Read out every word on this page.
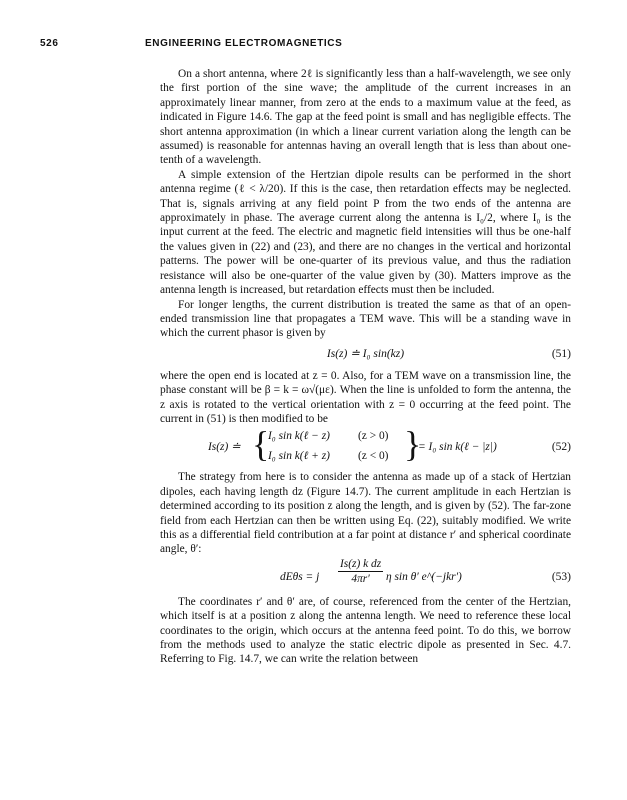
526	ENGINEERING ELECTROMAGNETICS

On a short antenna, where 2ℓ is significantly less than a half-wavelength, we see only the first portion of the sine wave; the amplitude of the current increases in an approximately linear manner, from zero at the ends to a maximum value at the feed, as indicated in Figure 14.6. The gap at the feed point is small and has negligible effects. The short antenna approximation (in which a linear current variation along the length can be assumed) is reasonable for antennas having an overall length that is less than about one-tenth of a wavelength.

A simple extension of the Hertzian dipole results can be performed in the short antenna regime (ℓ < λ/20). If this is the case, then retardation effects may be neglected. That is, signals arriving at any field point P from the two ends of the antenna are approximately in phase. The average current along the antenna is I₀/2, where I₀ is the input current at the feed. The electric and magnetic field intensities will thus be one-half the values given in (22) and (23), and there are no changes in the vertical and horizontal patterns. The power will be one-quarter of its previous value, and thus the radiation resistance will also be one-quarter of the value given by (30). Matters improve as the antenna length is increased, but retardation effects must then be included.

For longer lengths, the current distribution is treated the same as that of an open-ended transmission line that propagates a TEM wave. This will be a standing wave in which the current phasor is given by

Is(z) ≐ I₀ sin(kz)	(51)

where the open end is located at z = 0. Also, for a TEM wave on a transmission line, the phase constant will be β = k = ω√(με). When the line is unfolded to form the antenna, the z axis is rotated to the vertical orientation with z = 0 occurring at the feed point. The current in (51) is then modified to be

Is(z) ≐ {
I₀ sin k(ℓ − z) (z > 0)
I₀ sin k(ℓ + z) (z < 0) }
= I₀ sin k(ℓ − |z|)	(52)

The strategy from here is to consider the antenna as made up of a stack of Hertzian dipoles, each having length dz (Figure 14.7). The current amplitude in each Hertzian is determined according to its position z along the length, and is given by (52). The far-zone field from each Hertzian can then be written using Eq. (22), suitably modified. We write this as a differential field contribution at a far point at distance r′ and spherical coordinate angle, θ′:

dEθs = j $\frac{\text{Is(z) k dz}}{4\pi r'}$ η sin θ′ e^(−jkr′)	(53)

The coordinates r′ and θ′ are, of course, referenced from the center of the Hertzian, which itself is at a position z along the antenna length. We need to reference these local coordinates to the origin, which occurs at the antenna feed point. To do this, we borrow from the methods used to analyze the static electric dipole as presented in Sec. 4.7. Referring to Fig. 14.7, we can write the relation between
